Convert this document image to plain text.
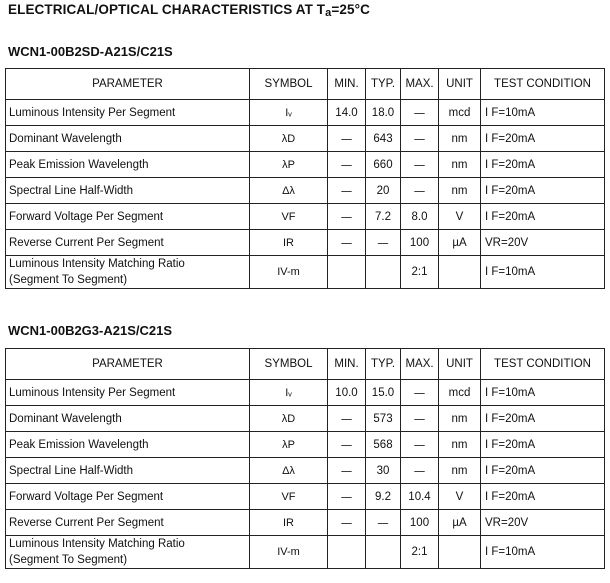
ELECTRICAL/OPTICAL CHARACTERISTICS AT Ta=25°C
WCN1-00B2SD-A21S/C21S
PARAMETER	SYMBOL	MIN.	TYP.	MAX.	UNIT	TEST CONDITION
Luminous Intensity Per Segment	Iᵥ	14.0	18.0	—	mcd	I F=10mA
Dominant Wavelength	λD	—	643	—	nm	I F=20mA
Peak Emission Wavelength	λP	—	660	—	nm	I F=20mA
Spectral Line Half-Width	Δλ	—	20	—	nm	I F=20mA
Forward Voltage Per Segment	VF	—	7.2	8.0	V	I F=20mA
Reverse Current Per Segment	IR	—	—	100	µA	VR=20V

Luminous Intensity Matching Ratio
(Segment To Segment)	IV-m			2:1		I F=10mA
WCN1-00B2G3-A21S/C21S
PARAMETER	SYMBOL	MIN.	TYP.	MAX.	UNIT	TEST CONDITION
Luminous Intensity Per Segment	Iᵥ	10.0	15.0	—	mcd	I F=10mA
Dominant Wavelength	λD	—	573	—	nm	I F=20mA
Peak Emission Wavelength	λP	—	568	—	nm	I F=20mA
Spectral Line Half-Width	Δλ	—	30	—	nm	I F=20mA
Forward Voltage Per Segment	VF	—	9.2	10.4	V	I F=20mA
Reverse Current Per Segment	IR	—	—	100	µA	VR=20V

Luminous Intensity Matching Ratio
(Segment To Segment)	IV-m			2:1		I F=10mA
